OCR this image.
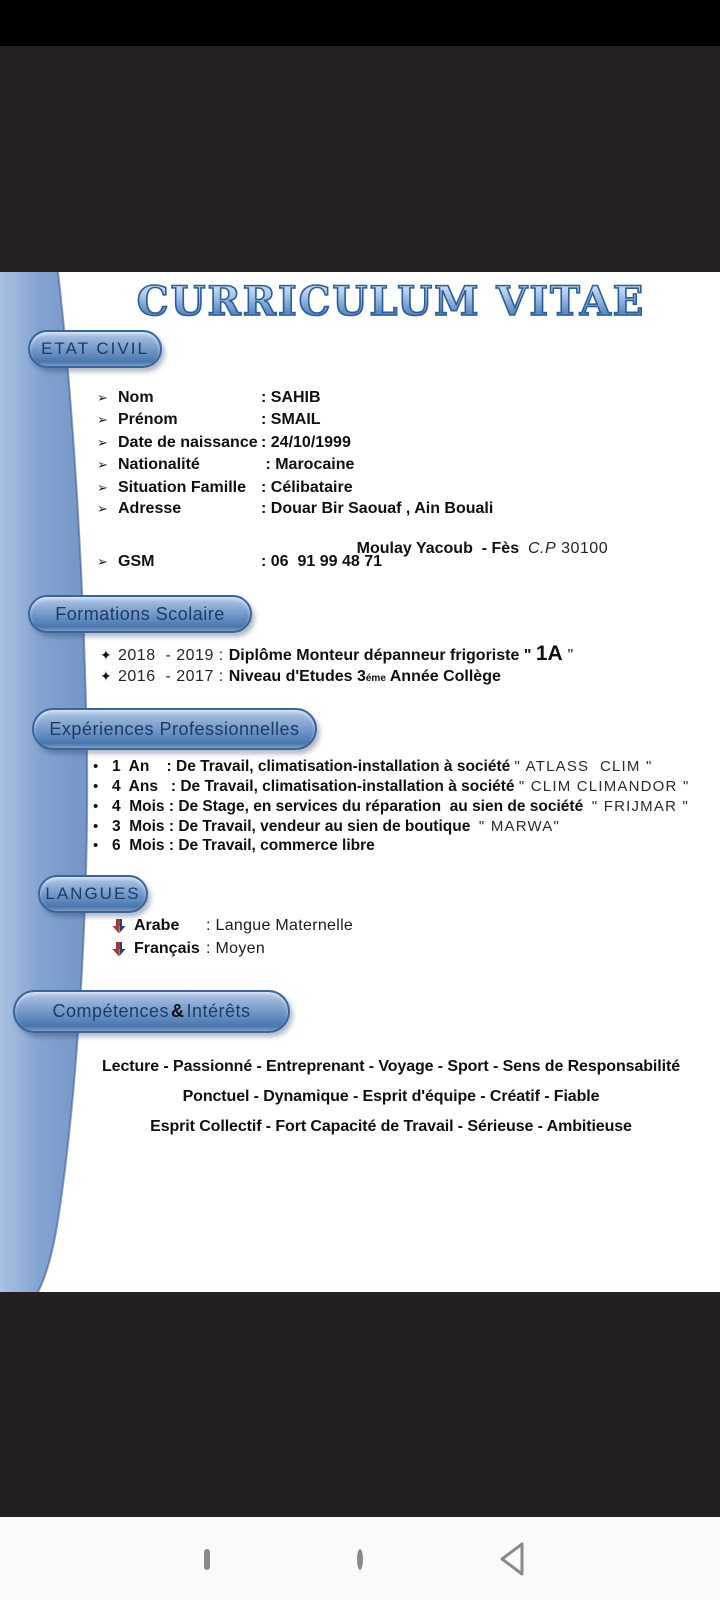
CURRICULUM VITAE
ETAT CIVIL
➢ Nom	: SAHIB
➢ Prénom	: SMAIL
➢ Date de naissance : 24/10/1999
➢ Nationalité	: Marocaine
➢ Situation Famille : Célibataire
➢ Adresse	: Douar Bir Saouaf , Ain Bouali

Moulay Yacoub  - Fès  C.P 30100

➢ GSM	: 06  91 99 48 71
Formations Scolaire
✦ 2018  - 2019 : Diplôme Monteur dépanneur frigoriste " 1A "
✦ 2016  - 2017 : Niveau d'Etudes 3 éme Année Collège
Expériences Professionnelles
• 1  An    : De Travail, climatisation-installation à société " ATLASS  CLIM "
• 4  Ans   : De Travail, climatisation-installation à société " CLIM CLIMANDOR "
• 4  Mois : De Stage, en services du réparation  au sien de société " FRIJMAR "
• 3  Mois : De Travail, vendeur au sien de boutique " MARWA"
• 6  Mois : De Travail, commerce libre
LANGUES
Arabe	: Langue Maternelle
Français : Moyen
Compétences & Intérêts
Lecture - Passionné - Entreprenant - Voyage - Sport - Sens de Responsabilité
Ponctuel - Dynamique - Esprit d'équipe - Créatif - Fiable
Esprit Collectif - Fort Capacité de Travail - Sérieuse - Ambitieuse
